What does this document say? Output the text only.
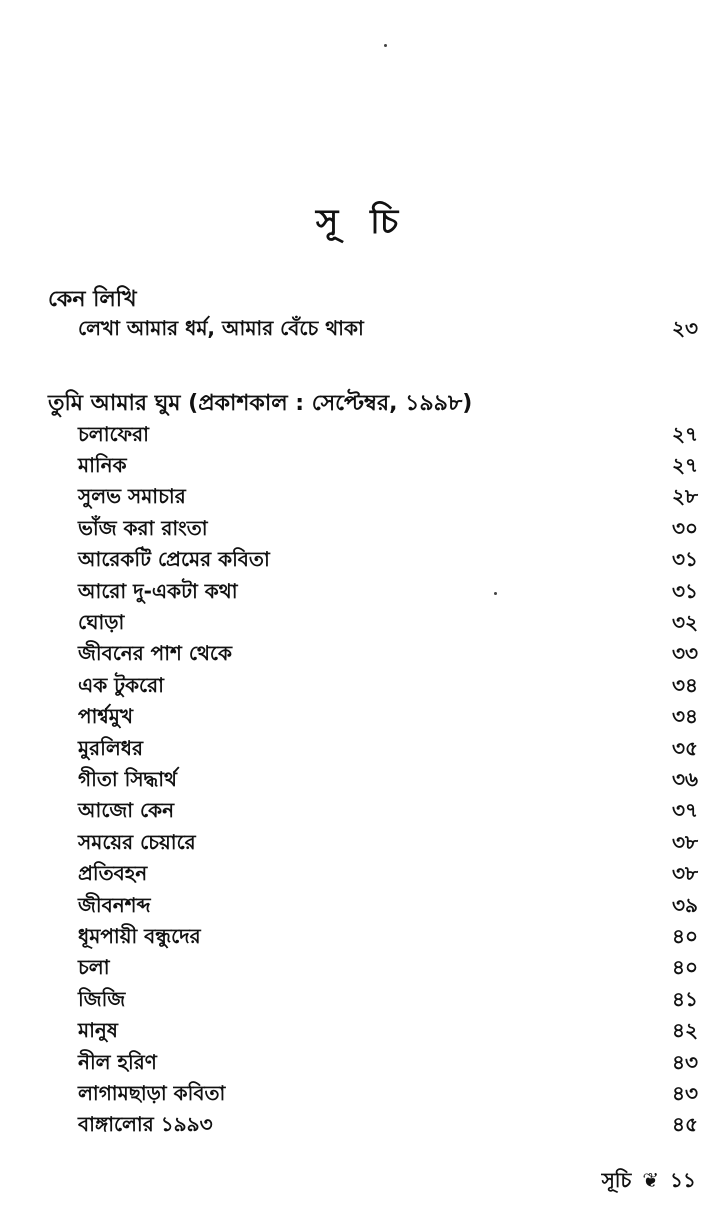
সূ চি
কেন লিখি
লেখা আমার ধর্ম, আমার বেঁচে থাকা	২৩
তুমি আমার ঘুম (প্রকাশকাল : সেপ্টেম্বর, ১৯৯৮)
চলাফেরা	২৭
মানিক	২৭
সুলভ সমাচার	২৮
ভাঁজ করা রাংতা	৩০
আরেকটি প্রেমের কবিতা	৩১
আরো দু-একটা কথা	৩১
ঘোড়া	৩২
জীবনের পাশ থেকে	৩৩
এক টুকরো	৩৪
পার্শ্বমুখ	৩৪
মুরলিধর	৩৫
গীতা সিদ্ধার্থ	৩৬
আজো কেন	৩৭
সময়ের চেয়ারে	৩৮
প্রতিবহন	৩৮
জীবনশব্দ	৩৯
ধূমপায়ী বন্ধুদের	৪০
চলা	৪০
জিজি	৪১
মানুষ	৪২
নীল হরিণ	৪৩
লাগামছাড়া কবিতা	৪৩
বাঙ্গালোর ১৯৯৩	৪৫
সূচি ❦ ১১
